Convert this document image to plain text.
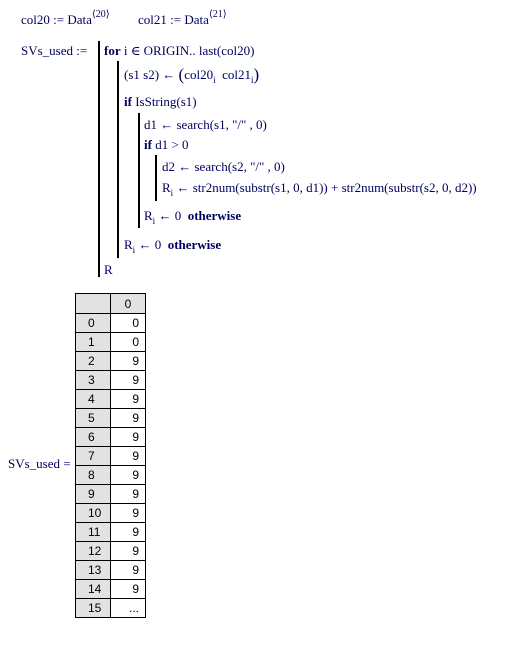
col20 := Data$^{⟨20⟩}$ col21 := Data$^{⟨21⟩}$
SVs_used := for i ∈ ORIGIN.. last(col20)
(s1 s2) ← ($col20_i$ $col21_i$)
if IsString(s1)
d1 ← search(s1, "/" , 0)
if d1 > 0
d2 ← search(s2, "/" , 0)
$R_i$ ← str2num(substr(s1, 0, d1)) + str2num(substr(s2, 0, d2))
$R_i$ ← 0 otherwise
$R_i$ ← 0 otherwise
R
SVs_used =
	0
0	0
1	0
2	9
3	9
4	9
5	9
6	9
7	9
8	9
9	9
10	9
11	9
12	9
13	9
14	9
15	...
